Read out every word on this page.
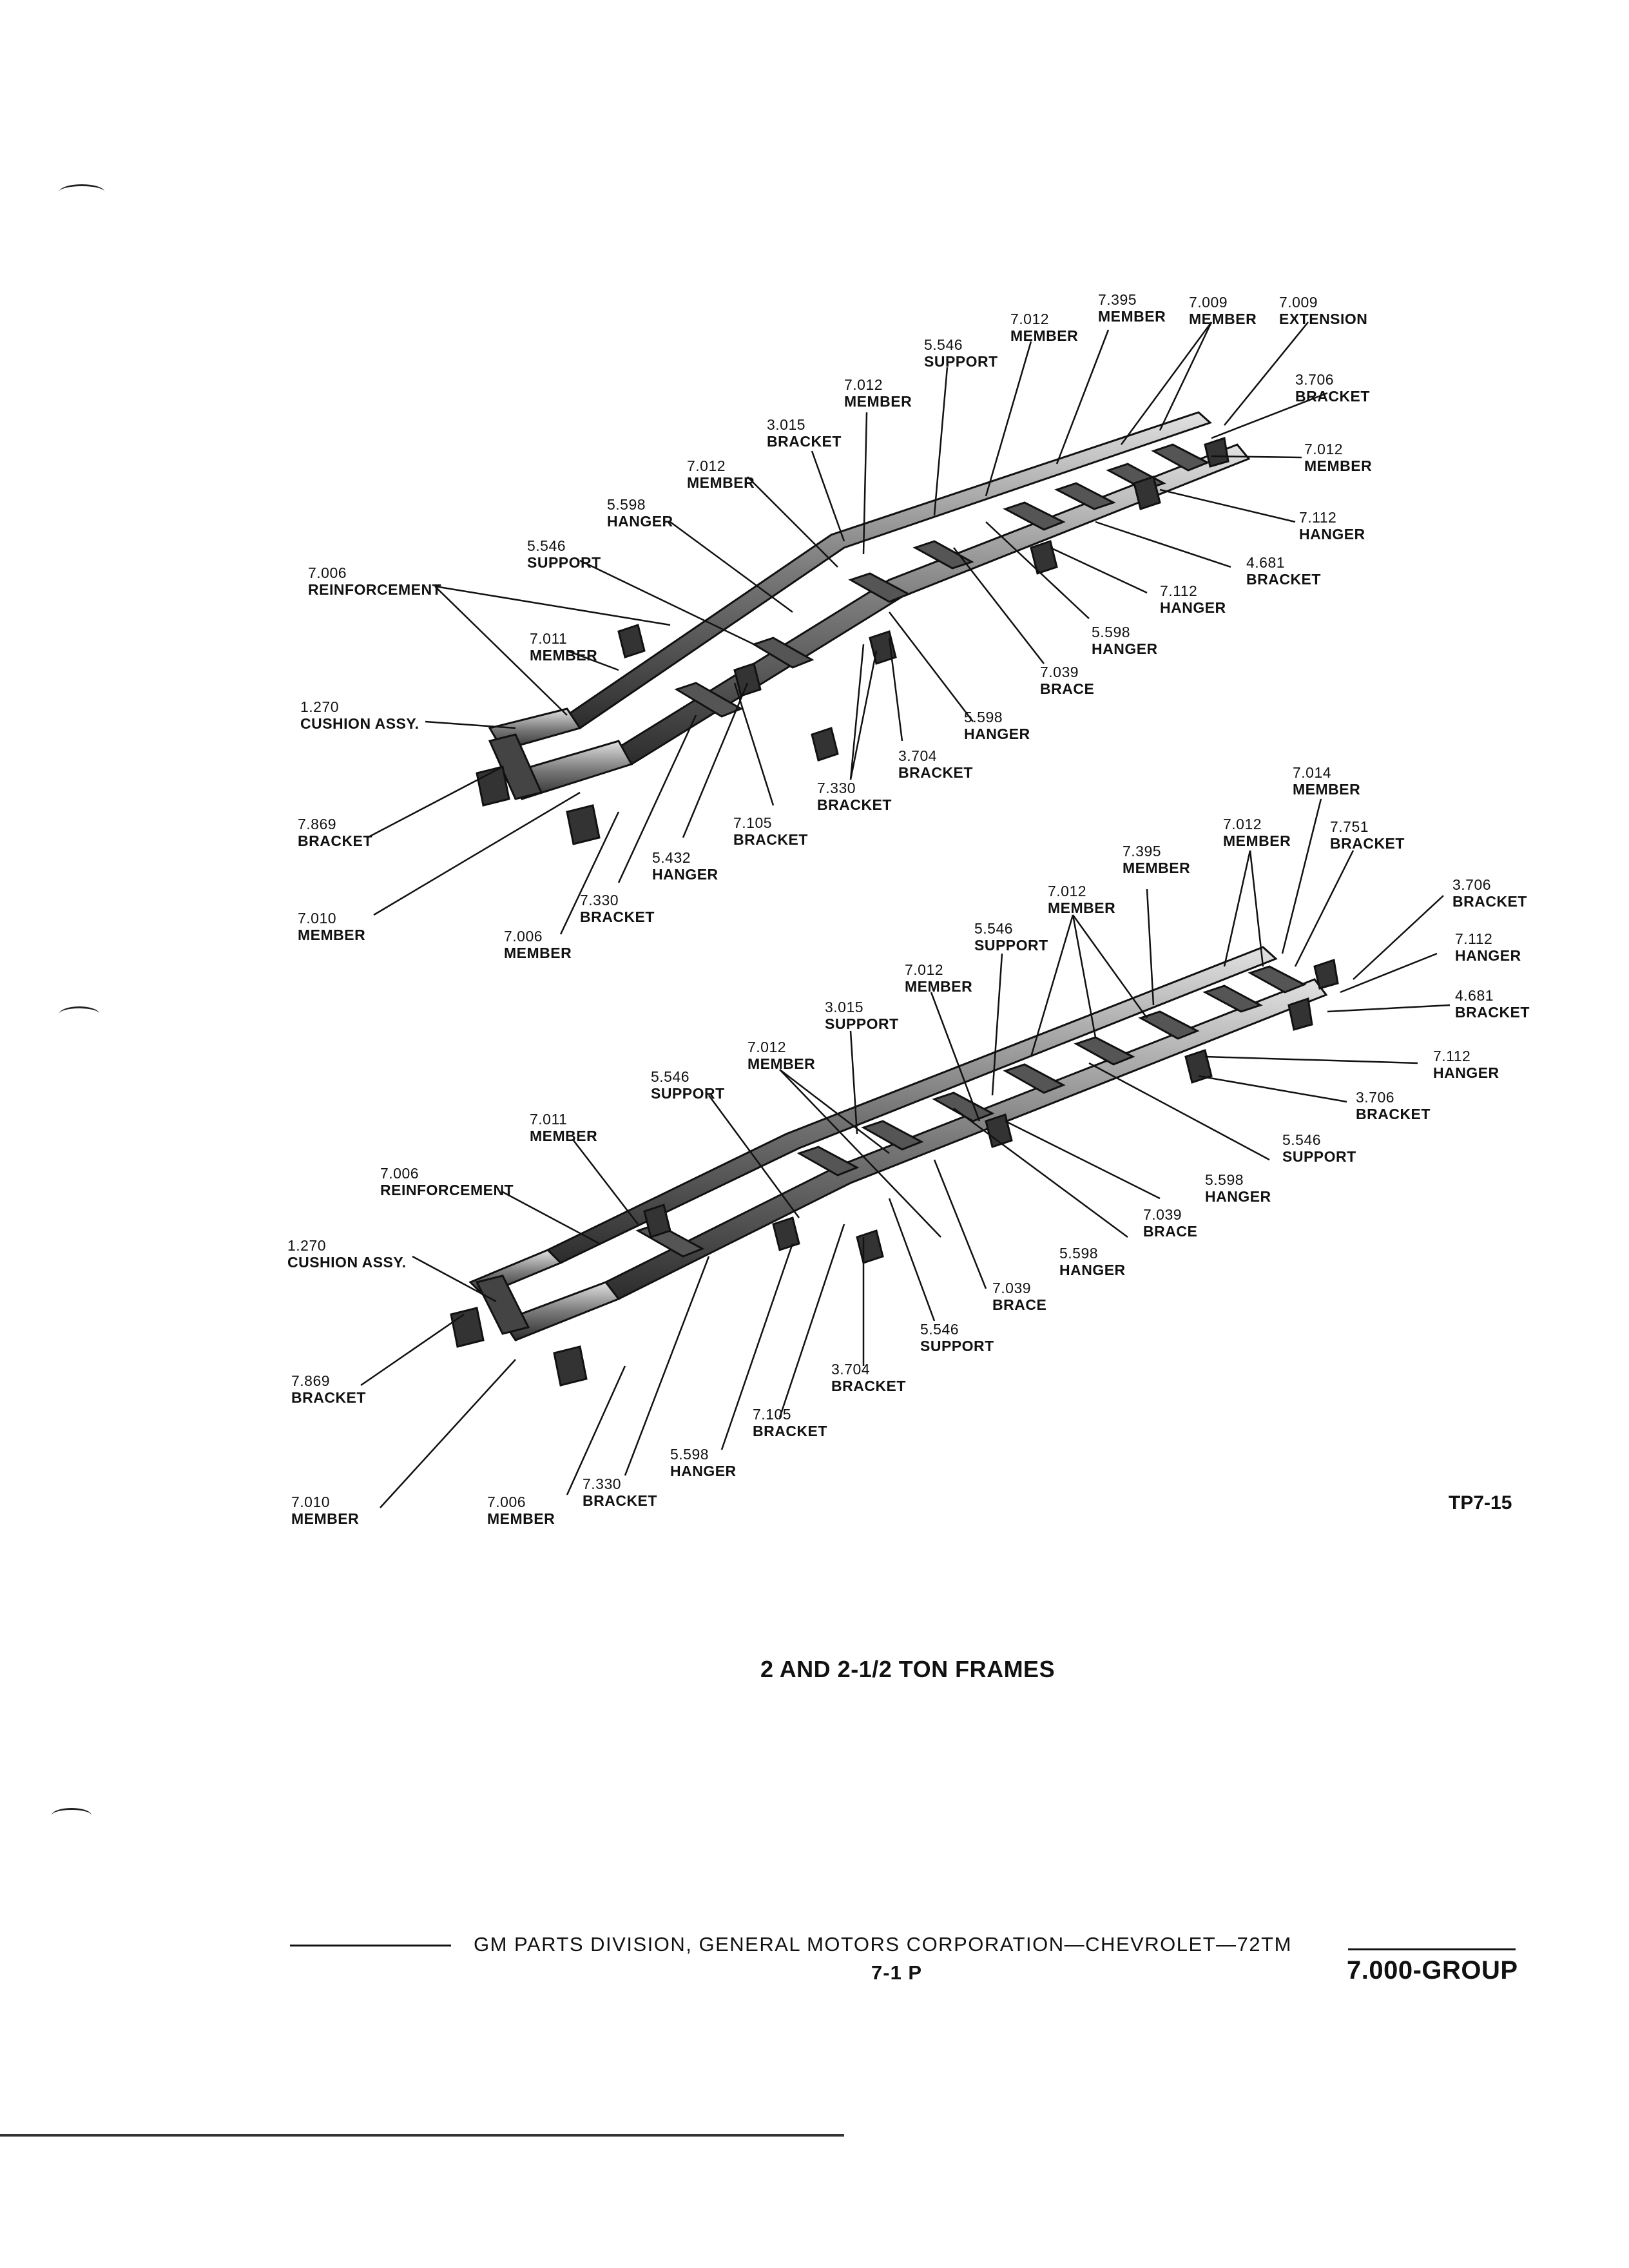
7.395
MEMBER
7.009
MEMBER
7.009
EXTENSION
7.012
MEMBER
5.546
SUPPORT
7.012
MEMBER
3.706
BRACKET
7.012
MEMBER
3.015
BRACKET
7.012
MEMBER
5.598
HANGER	7.112
HANGER
5.546
SUPPORT	4.681
BRACKET
7.006
REINFORCEMENT	7.112
HANGER
5.598
HANGER
7.011
MEMBER
7.039
BRACE
1.270
CUSHION ASSY.	5.598
HANGER
3.704
BRACKET
7.330
BRACKET
7.105
BRACKET
7.869
BRACKET
5.432
HANGER
7.330
BRACKET
7.010
MEMBER	7.006
MEMBER
7.014
MEMBER
7.012
MEMBER
7.751
BRACKET
7.395
MEMBER
3.706
BRACKET
7.012
MEMBER
7.112
HANGER
5.546
SUPPORT
4.681
BRACKET
7.012
MEMBER
3.015
SUPPORT
7.112
HANGER
7.012
MEMBER
3.706
BRACKET
5.546
SUPPORT
5.546
SUPPORT
7.011
MEMBER
5.598
HANGER
7.006
REINFORCEMENT
7.039
BRACE
5.598
HANGER
1.270
CUSHION ASSY.
7.039
BRACE
5.546
SUPPORT
3.704
BRACKET
7.869
BRACKET
7.105
BRACKET
5.598
HANGER
7.330
BRACKET
7.010
MEMBER
7.006
MEMBER
TP7-15
2 AND 2-1/2 TON FRAMES
GM PARTS DIVISION, GENERAL MOTORS CORPORATION—CHEVROLET—72TM
7-1 P	7.000-GROUP
